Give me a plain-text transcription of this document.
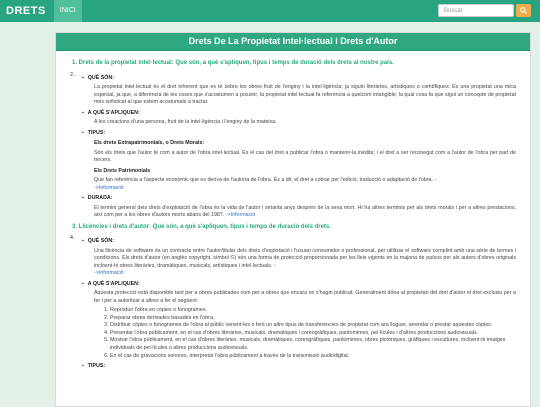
DRETS	INICI	Buscar
Drets De La Propietat Intel·lectual i Drets d'Autor
1. Drets de la propietat intel·lectual: Què són, a què s'apliquen, tipus i temps de duració dels drets al nostre país.
2.	▪ QUÈ SÓN:
La propietat intel·lectual és el dret inherent que es té sobre les obres fruit de l'enginy i la intel·ligència; ja siguin literàries, artístiques o científiques. És una propietat una mica especial, ja que, a diferència de les coses que s'acostumen a posseir, la propietat intel·lectual fa referència a quelcom intangible; la qual cosa fa que sigui un concepte de propietat més sofisticat al que estem acostumats a tractar.
▪ A QUÈ S'APLIQUEN:
A les creacions d'una persona, fruit de la intel·ligència i l'enginy de la mateixa.
▪ TIPUS:
Els drets Extrapatrimonials, o Drets Morals:
Són els drets que l'autor té com a autor de l'obra intel·lectual. És el cas del dret a publicar l'obra o mantenir-la inèdita; i el dret a ser reconegut com a l'autor de l'obra per part de tercers.
Els Drets Patrimonials
Que fan referència a l'aspecte econòmic que es deriva de l'autoria de l'obra. És a dir, el dret a cobrar per l'edició, traducció o adaptació de l'obra. -
->Informació
▪ DURADA:
El termini general dels drets d'explotació de l'obra és la vida de l'autor i setanta anys després de la seva mort. Hi ha altres terminis per als drets morals i per a altres prestacions, així com per a les obres d'autors morts abans del 1987. ->Informació
3. Llicències i drets d'autor: Què són, a què s'apliquen, tipus i temps de duració dels drets.
4.	▪ QUÈ SÓN:
Una llicència de software és un contracte entre l'autor/titular dels drets d'explotació i l'usuari consumidor o professional, per utilitzar el software complint amb una sèrie de termes i condicions. Els drets d'autor (en anglès copyright, símbol ©) són una forma de protecció proporcionada per les lleis vigents en la majoria de països per als autors d'obres originals incloent-hi obres literàries, dramàtiques, musicals, artístiques i intel·lectuals. -
->Informació
▪ A QUÈ S'APLIQUEN:
Aquesta protecció està disponible tant per a obres publicades com per a obres que encara no s'hagin publicat. Generalment dóna al propietari del dret d'autor el dret exclusiu per a fer i per a autoritzar a altres a fer el següent:
1. Reproduir l'obra en còpies o fonogrames.
2. Preparar obres derivades basades en l'obra.
3. Distribuir còpies o fonogrames de l'obra al públic venent-les o fent un altre tipus de transferències de propietat com ara lloguer, arrendar o prestar aquestes còpies.
4. Presentar l'obra públicament, en el cas d'obres literàries, musicals, dramàtiques i coreogràfiques, pantomimes, pel·lícules i d'altres produccions audiovisuals.
5. Mostrar l'obra públicament, en el cas d'obres literàries, musicals, dramàtiques, coreogràfiques, pantomimes, obres pictòriques, gràfiques i escultures, incloent-hi imatges individuals de pel·lícules o altres produccions audiovisuals.
6. En el cas de gravacions sonores, interpretar l'obra públicament a través de la transmissió àudiodigital.
▪ TIPUS:
